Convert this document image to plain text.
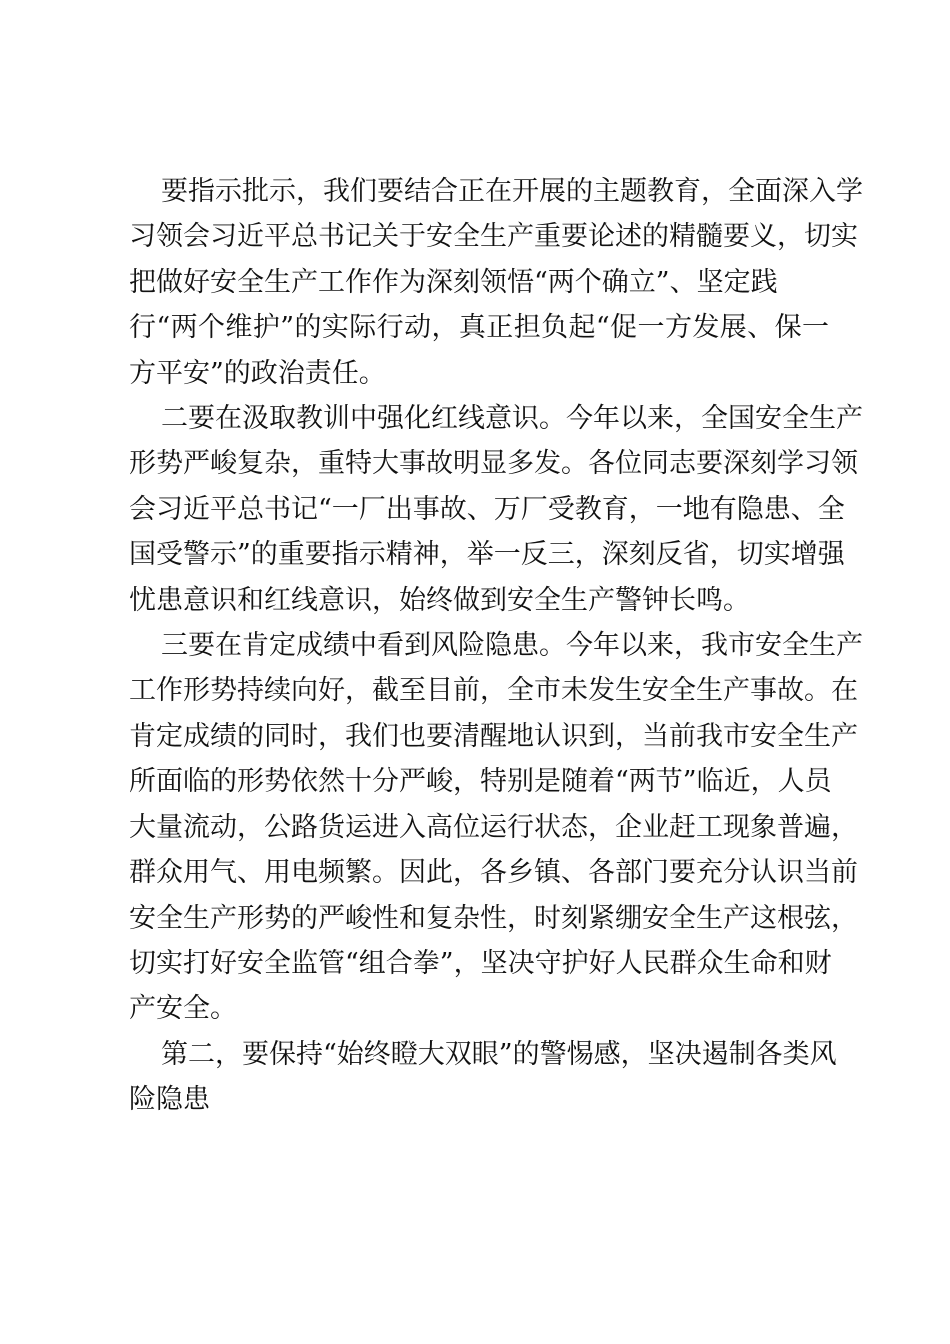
要指示批示，我们要结合正在开展的主题教育，全面深入学
习领会习近平总书记关于安全生产重要论述的精髓要义，切实
把做好安全生产工作作为深刻领悟“两个确立”、坚定践
行“两个维护”的实际行动，真正担负起“促一方发展、保一
方平安”的政治责任。
二要在汲取教训中强化红线意识。今年以来，全国安全生产
形势严峻复杂，重特大事故明显多发。各位同志要深刻学习领
会习近平总书记“一厂出事故、万厂受教育，一地有隐患、全
国受警示”的重要指示精神，举一反三，深刻反省，切实增强
忧患意识和红线意识，始终做到安全生产警钟长鸣。
三要在肯定成绩中看到风险隐患。今年以来，我市安全生产
工作形势持续向好，截至目前，全市未发生安全生产事故。在
肯定成绩的同时，我们也要清醒地认识到，当前我市安全生产
所面临的形势依然十分严峻，特别是随着“两节”临近，人员
大量流动，公路货运进入高位运行状态，企业赶工现象普遍，
群众用气、用电频繁。因此，各乡镇、各部门要充分认识当前
安全生产形势的严峻性和复杂性，时刻紧绷安全生产这根弦，
切实打好安全监管“组合拳”，坚决守护好人民群众生命和财
产安全。
第二，要保持“始终瞪大双眼”的警惕感，坚决遏制各类风
险隐患
